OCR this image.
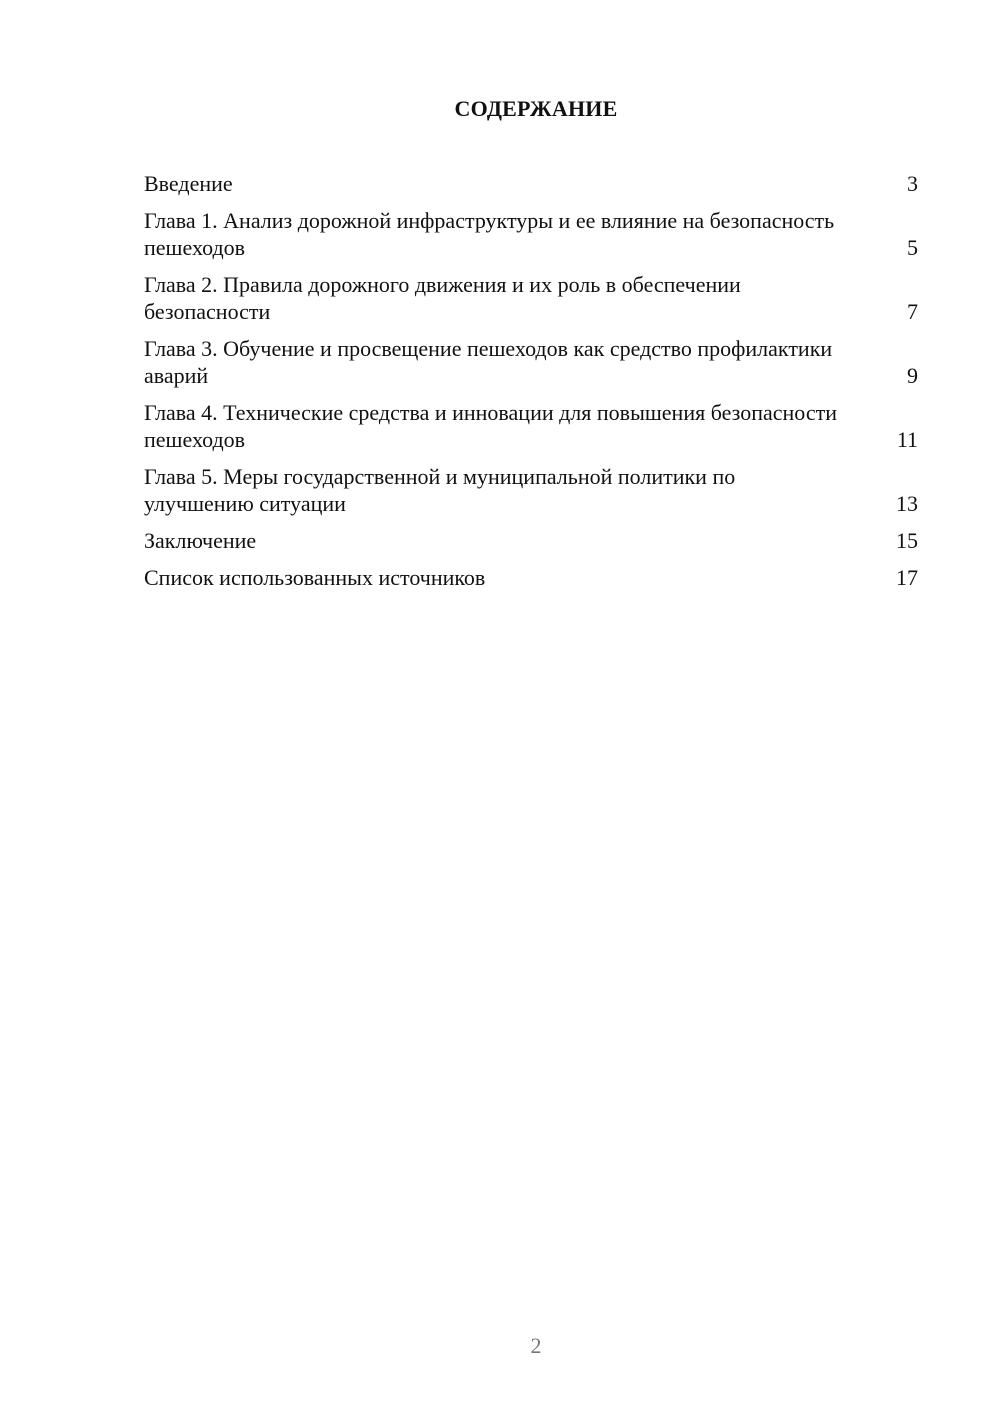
СОДЕРЖАНИЕ
Введение	3
Глава 1. Анализ дорожной инфраструктуры и ее влияние на безопасность пешеходов	5
Глава 2. Правила дорожного движения и их роль в обеспечении безопасности	7
Глава 3. Обучение и просвещение пешеходов как средство профилактики аварий	9
Глава 4. Технические средства и инновации для повышения безопасности пешеходов	11
Глава 5. Меры государственной и муниципальной политики по улучшению ситуации	13
Заключение	15
Список использованных источников	17
2
